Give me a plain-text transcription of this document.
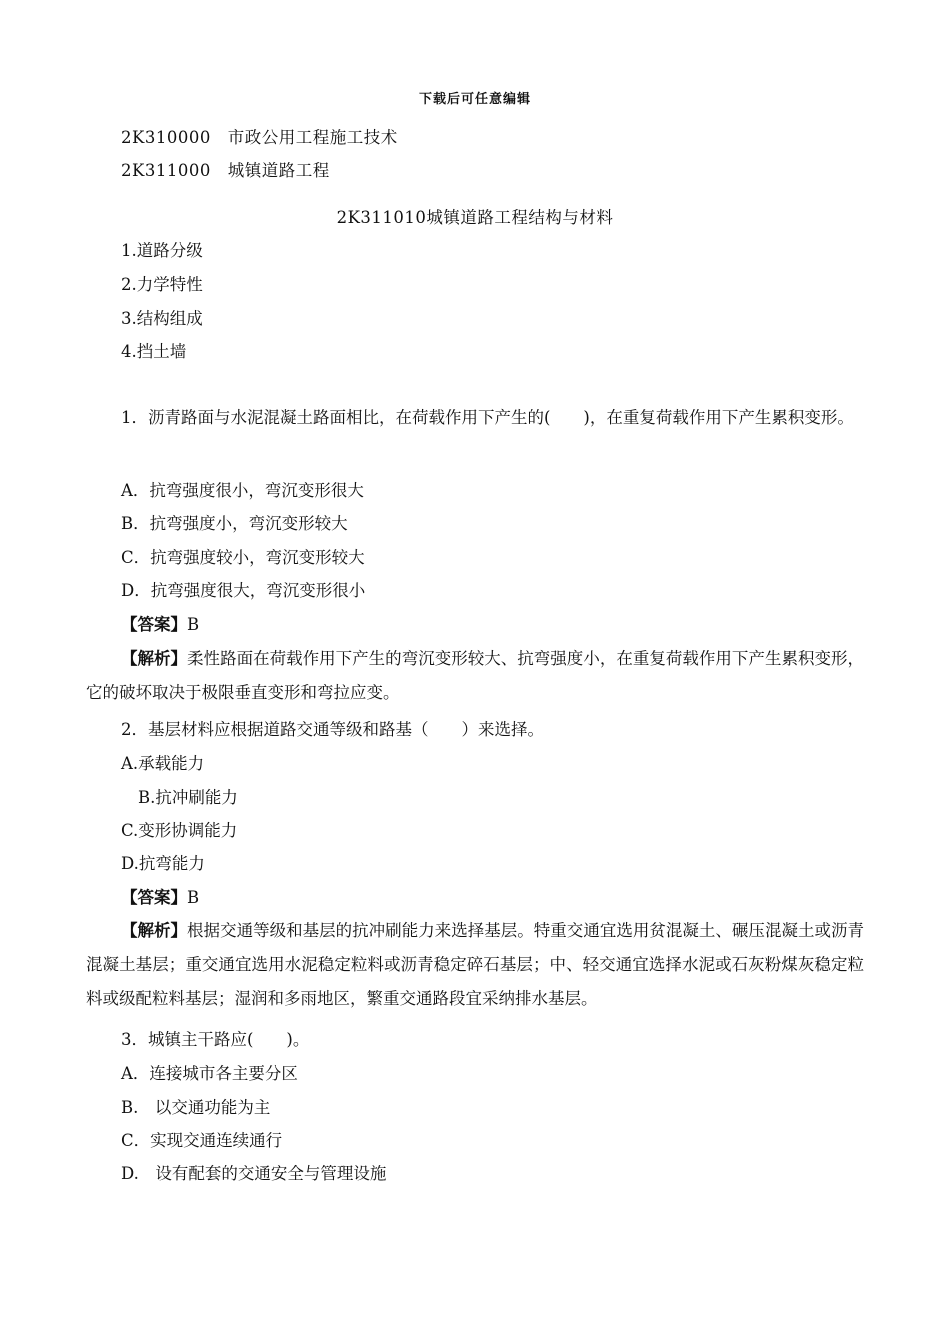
下载后可任意编辑
2K310000　市政公用工程施工技术
2K311000　城镇道路工程
2K311010城镇道路工程结构与材料
1.道路分级
2.力学特性
3.结构组成
4.挡土墙
1．沥青路面与水泥混凝土路面相比，在荷载作用下产生的(　　)，在重复荷载作用下产生累积变形。
A．抗弯强度很小，弯沉变形很大
B．抗弯强度小，弯沉变形较大
C．抗弯强度较小，弯沉变形较大
D．抗弯强度很大，弯沉变形很小
【答案】B
【解析】柔性路面在荷载作用下产生的弯沉变形较大、抗弯强度小，在重复荷载作用下产生累积变形，它的破坏取决于极限垂直变形和弯拉应变。
2．基层材料应根据道路交通等级和路基（　　）来选择。
A.承载能力
B.抗冲刷能力
C.变形协调能力
D.抗弯能力
【答案】B
【解析】根据交通等级和基层的抗冲刷能力来选择基层。特重交通宜选用贫混凝土、碾压混凝土或沥青混凝土基层；重交通宜选用水泥稳定粒料或沥青稳定碎石基层；中、轻交通宜选择水泥或石灰粉煤灰稳定粒料或级配粒料基层；湿润和多雨地区，繁重交通路段宜采纳排水基层。
3．城镇主干路应(　　)。
A．连接城市各主要分区
B.　以交通功能为主
C．实现交通连续通行
D.　设有配套的交通安全与管理设施
